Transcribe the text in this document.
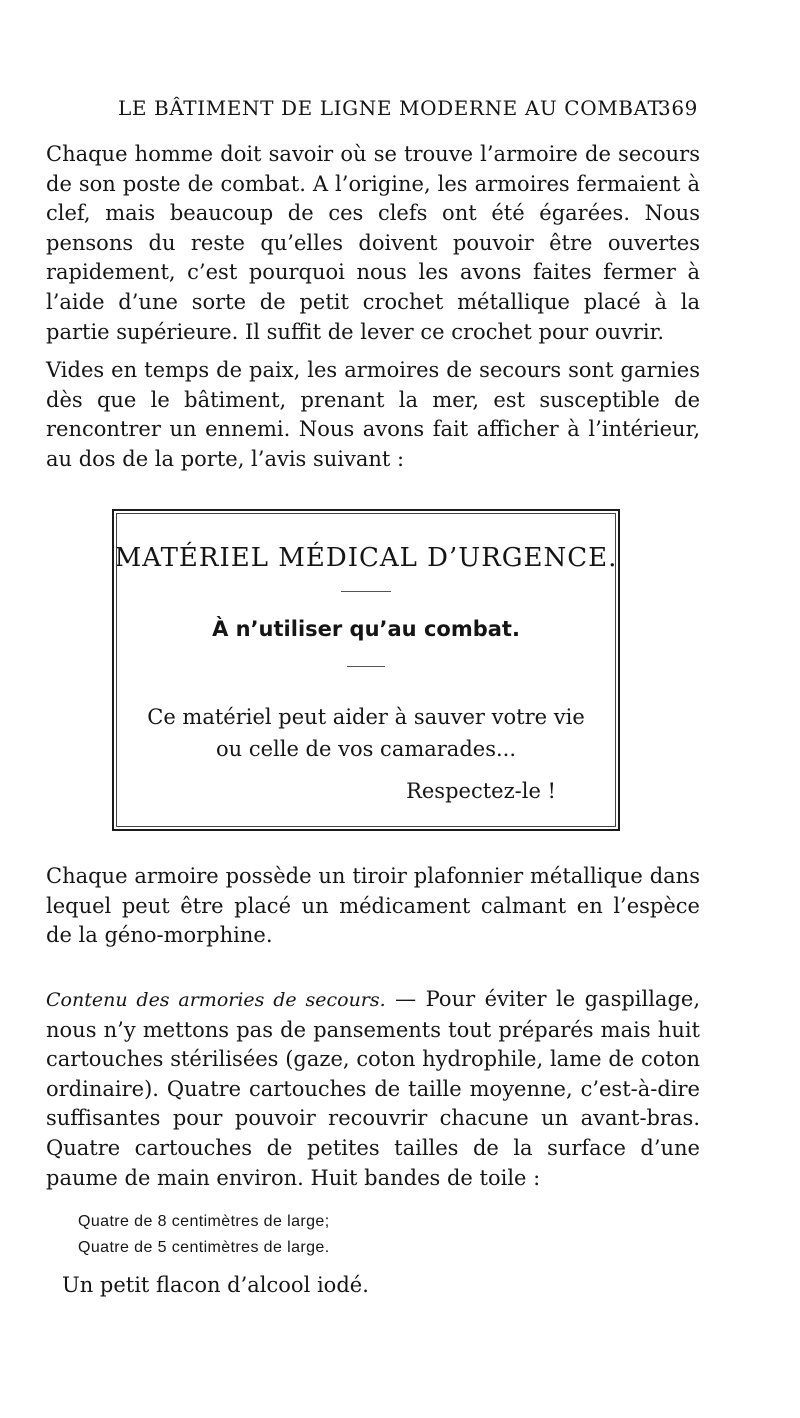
LE BÂTIMENT DE LIGNE MODERNE AU COMBAT.
369

Chaque homme doit savoir où se trouve l’armoire de secours de son poste de combat. A l’origine, les armoires fermaient à clef, mais beaucoup de ces clefs ont été égarées. Nous pensons du reste qu’elles doivent pouvoir être ouvertes rapidement, c’est pourquoi nous les avons faites fermer à l’aide d’une sorte de petit crochet métallique placé à la partie supérieure. Il suffit de lever ce crochet pour ouvrir.

Vides en temps de paix, les armoires de secours sont garnies dès que le bâtiment, prenant la mer, est susceptible de rencontrer un ennemi. Nous avons fait afficher à l’intérieur, au dos de la porte, l’avis suivant :

MATÉRIEL MÉDICAL D’URGENCE.
À n’utiliser qu’au combat.
Ce matériel peut aider à sauver votre vie
ou celle de vos camarades...
Respectez-le !

Chaque armoire possède un tiroir plafonnier métallique dans lequel peut être placé un médicament calmant en l’espèce de la géno-morphine.

Contenu des armories de secours. — Pour éviter le gaspillage, nous n’y mettons pas de pansements tout préparés mais huit cartouches stérilisées (gaze, coton hydrophile, lame de coton ordinaire). Quatre cartouches de taille moyenne, c’est-à-dire suffisantes pour pouvoir recouvrir chacune un avant-bras. Quatre cartouches de petites tailles de la surface d’une paume de main environ. Huit bandes de toile :

Quatre de 8 centimètres de large;
Quatre de 5 centimètres de large.
Un petit flacon d’alcool iodé.
